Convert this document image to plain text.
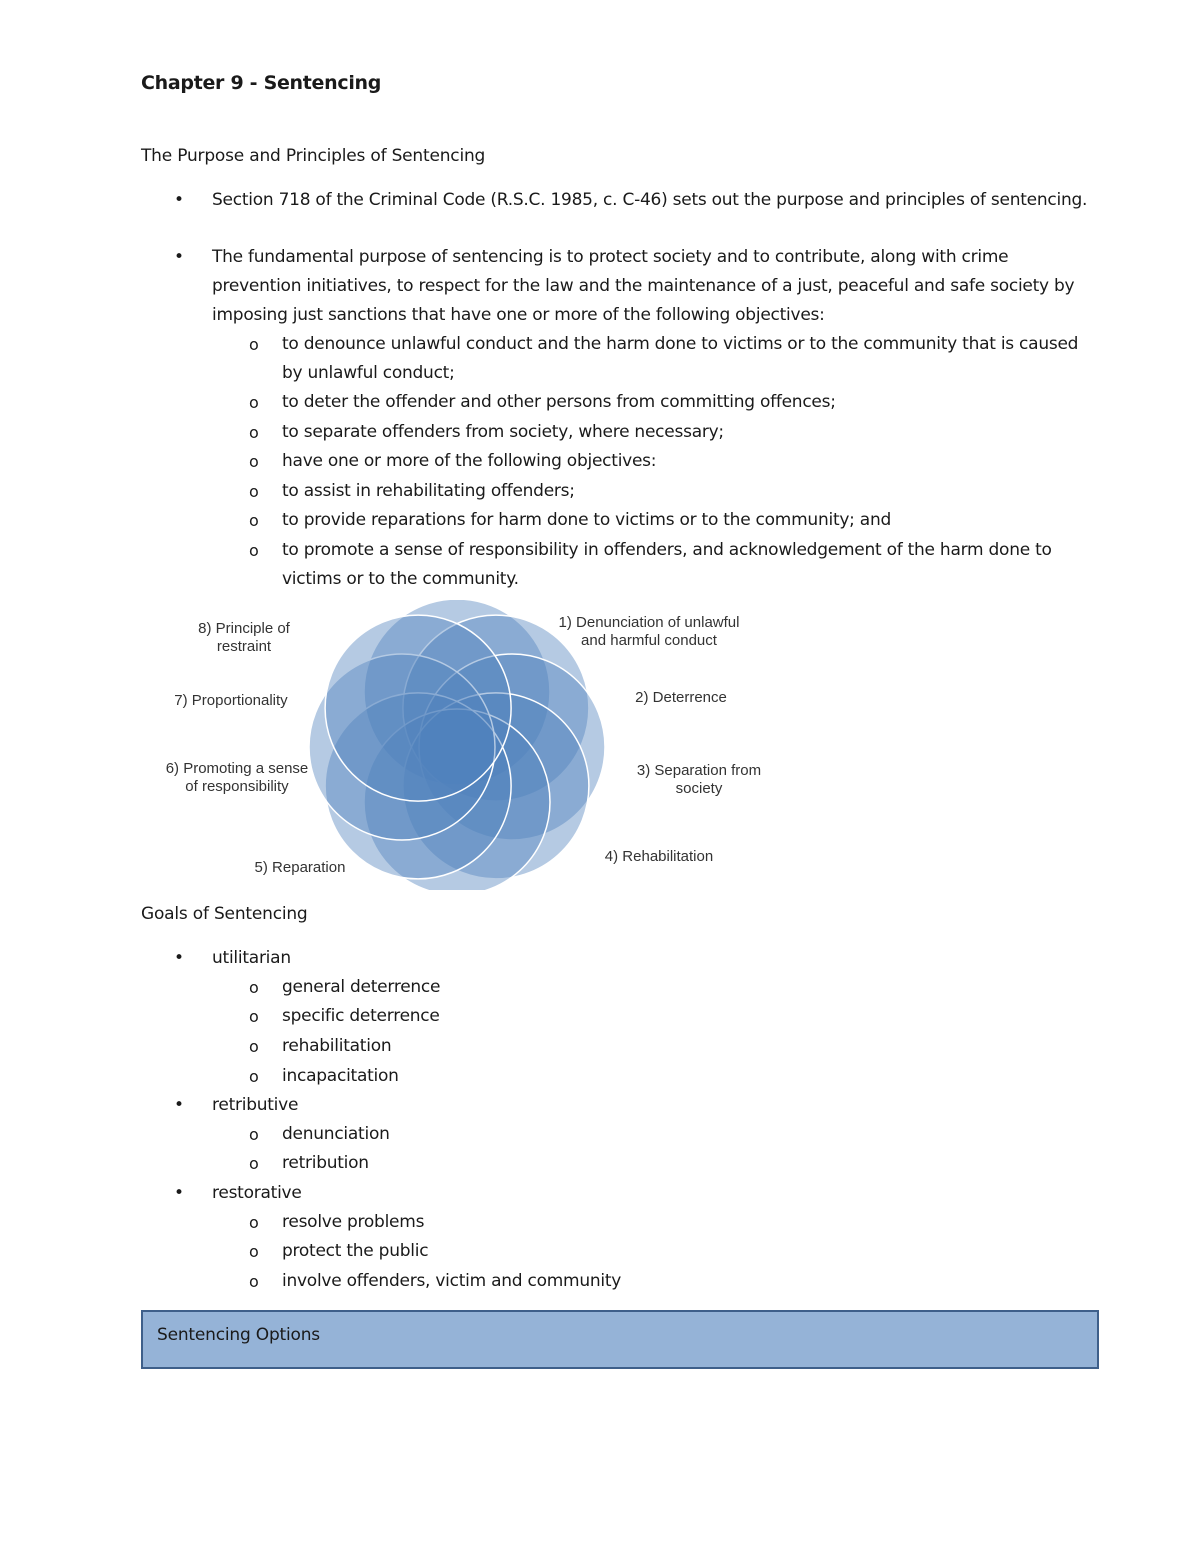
Chapter 9 - Sentencing
The Purpose and Principles of Sentencing
• Section 718 of the Criminal Code (R.S.C. 1985, c. C-46) sets out the purpose and principles of sentencing.
• The fundamental purpose of sentencing is to protect society and to contribute, along with crime prevention initiatives, to respect for the law and the maintenance of a just, peaceful and safe society by imposing just sanctions that have one or more of the following objectives:
o to denounce unlawful conduct and the harm done to victims or to the community that is caused by unlawful conduct;
o to deter the offender and other persons from committing offences;
o to separate offenders from society, where necessary;
o have one or more of the following objectives:
o to assist in rehabilitating offenders;
o to provide reparations for harm done to victims or to the community; and
o to promote a sense of responsibility in offenders, and acknowledgement of the harm done to victims or to the community.
1) Denunciation of unlawful and harmful conduct
2) Deterrence
3) Separation from society
4) Rehabilitation
5) Reparation
6) Promoting a sense of responsibility
7) Proportionality
8) Principle of restraint
Goals of Sentencing
• utilitarian
o general deterrence
o specific deterrence
o rehabilitation
o incapacitation
• retributive
o denunciation
o retribution
• restorative
o resolve problems
o protect the public
o involve offenders, victim and community
Sentencing Options
